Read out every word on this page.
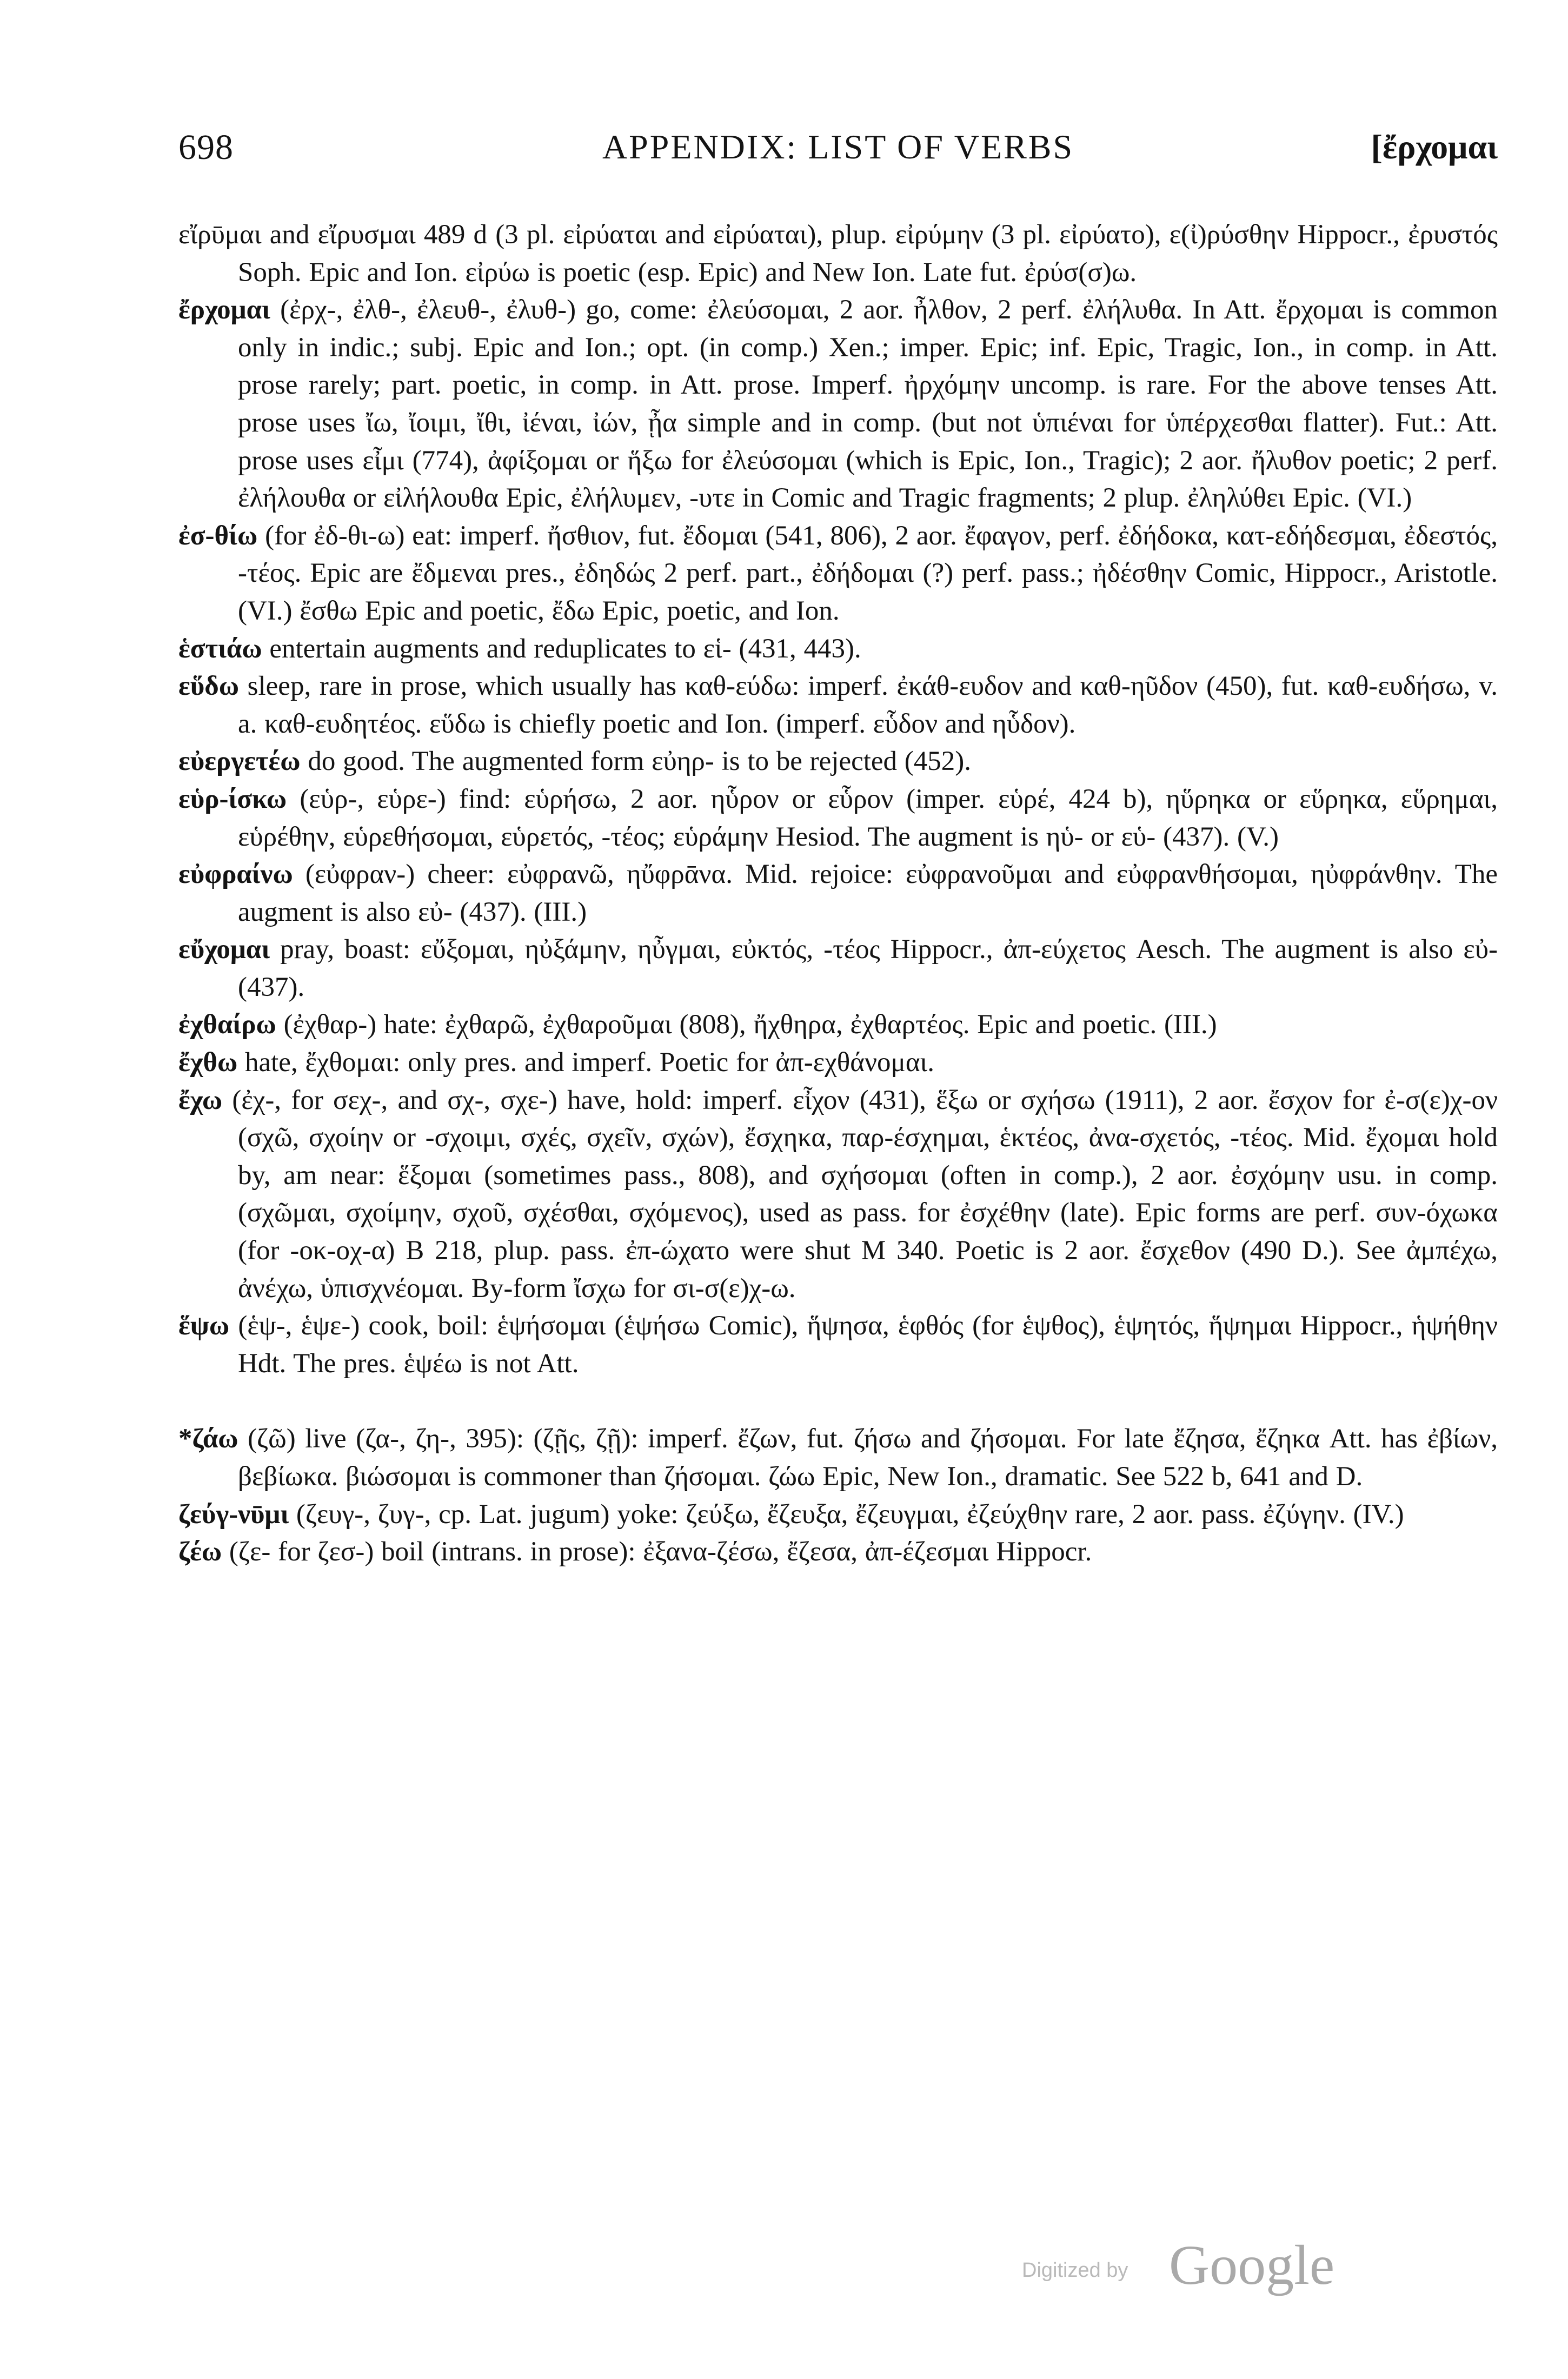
698	APPENDIX: LIST OF VERBS	[ἔρχομαι

εἴρῡμαι and εἴρυσμαι 489 d (3 pl. εἰρύαται and εἰρύαται), plup. εἰρύμην (3 pl. εἰρύατο), ε(ἰ)ρύσθην Hippocr., ἐρυστός Soph. Epic and Ion. εἰρύω is poetic (esp. Epic) and New Ion. Late fut. ἐρύσ(σ)ω.

ἔρχομαι (ἐρχ-, ἐλθ-, ἐλευθ-, ἐλυθ-) go, come: ἐλεύσομαι, 2 aor. ἦλθον, 2 perf. ἐλήλυθα. In Att. ἔρχομαι is common only in indic.; subj. Epic and Ion.; opt. (in comp.) Xen.; imper. Epic; inf. Epic, Tragic, Ion., in comp. in Att. prose rarely; part. poetic, in comp. in Att. prose. Imperf. ἠρχόμην uncomp. is rare. For the above tenses Att. prose uses ἴω, ἴοιμι, ἴθι, ἰέναι, ἰών, ᾖα simple and in comp. (but not ὑπιέναι for ὑπέρχεσθαι flatter). Fut.: Att. prose uses εἶμι (774), ἀφίξομαι or ἥξω for ἐλεύσομαι (which is Epic, Ion., Tragic); 2 aor. ἤλυθον poetic; 2 perf. ἐλήλουθα or εἰλήλουθα Epic, ἐλήλυμεν, -υτε in Comic and Tragic fragments; 2 plup. ἐληλύθει Epic. (VI.)

ἐσ-θίω (for ἐδ-θι-ω) eat: imperf. ἤσθιον, fut. ἔδομαι (541, 806), 2 aor. ἔφαγον, perf. ἐδήδοκα, κατ-εδήδεσμαι, ἐδεστός, -τέος. Epic are ἔδμεναι pres., ἐδηδώς 2 perf. part., ἐδήδομαι (?) perf. pass.; ἠδέσθην Comic, Hippocr., Aristotle. (VI.) ἔσθω Epic and poetic, ἔδω Epic, poetic, and Ion.

ἑστιάω entertain augments and reduplicates to εἱ- (431, 443).

εὕδω sleep, rare in prose, which usually has καθ-εύδω: imperf. ἐκάθ-ευδον and καθ-ηῦδον (450), fut. καθ-ευδήσω, v. a. καθ-ευδητέος. εὕδω is chiefly poetic and Ion. (imperf. εὗδον and ηὗδον).

εὐεργετέω do good. The augmented form εὐηρ- is to be rejected (452).

εὑρ-ίσκω (εὑρ-, εὑρε-) find: εὑρήσω, 2 aor. ηὗρον or εὗρον (imper. εὑρέ, 424 b), ηὕρηκα or εὕρηκα, εὕρημαι, εὑρέθην, εὑρεθήσομαι, εὑρετός, -τέος; εὑράμην Hesiod. The augment is ηὑ- or εὑ- (437). (V.)

εὐφραίνω (εὐφραν-) cheer: εὐφρανῶ, ηὔφρᾱνα. Mid. rejoice: εὐφρανοῦμαι and εὐφρανθήσομαι, ηὐφράνθην. The augment is also εὐ- (437). (III.)

εὔχομαι pray, boast: εὔξομαι, ηὐξάμην, ηὖγμαι, εὐκτός, -τέος Hippocr., ἀπ-εύχετος Aesch. The augment is also εὐ- (437).

ἐχθαίρω (ἐχθαρ-) hate: ἐχθαρῶ, ἐχθαροῦμαι (808), ἤχθηρα, ἐχθαρτέος. Epic and poetic. (III.)

ἔχθω hate, ἔχθομαι: only pres. and imperf. Poetic for ἀπ-εχθάνομαι.

ἔχω (ἐχ-, for σεχ-, and σχ-, σχε-) have, hold: imperf. εἶχον (431), ἕξω or σχήσω (1911), 2 aor. ἔσχον for ἐ-σ(ε)χ-ον (σχῶ, σχοίην or -σχοιμι, σχές, σχεῖν, σχών), ἔσχηκα, παρ-έσχημαι, ἑκτέος, ἀνα-σχετός, -τέος. Mid. ἔχομαι hold by, am near: ἕξομαι (sometimes pass., 808), and σχήσομαι (often in comp.), 2 aor. ἐσχόμην usu. in comp. (σχῶμαι, σχοίμην, σχοῦ, σχέσθαι, σχόμενος), used as pass. for ἐσχέθην (late). Epic forms are perf. συν-όχωκα (for -οκ-οχ-α) B 218, plup. pass. ἐπ-ώχατο were shut M 340. Poetic is 2 aor. ἔσχεθον (490 D.). See ἀμπέχω, ἀνέχω, ὑπισχνέομαι. By-form ἴσχω for σι-σ(ε)χ-ω.

ἕψω (ἑψ-, ἑψε-) cook, boil: ἑψήσομαι (ἑψήσω Comic), ἥψησα, ἑφθός (for ἑψθος), ἑψητός, ἥψημαι Hippocr., ἡψήθην Hdt. The pres. ἑψέω is not Att.

*ζάω (ζῶ) live (ζα-, ζη-, 395): (ζῇς, ζῇ): imperf. ἔζων, fut. ζήσω and ζήσομαι. For late ἔζησα, ἔζηκα Att. has ἐβίων, βεβίωκα. βιώσομαι is commoner than ζήσομαι. ζώω Epic, New Ion., dramatic. See 522 b, 641 and D.

ζεύγ-νῡμι (ζευγ-, ζυγ-, cp. Lat. jugum) yoke: ζεύξω, ἔζευξα, ἔζευγμαι, ἐζεύχθην rare, 2 aor. pass. ἐζύγην. (IV.)

ζέω (ζε- for ζεσ-) boil (intrans. in prose): ἐξανα-ζέσω, ἔζεσα, ἀπ-έζεσμαι Hippocr.

Digitized by Google
